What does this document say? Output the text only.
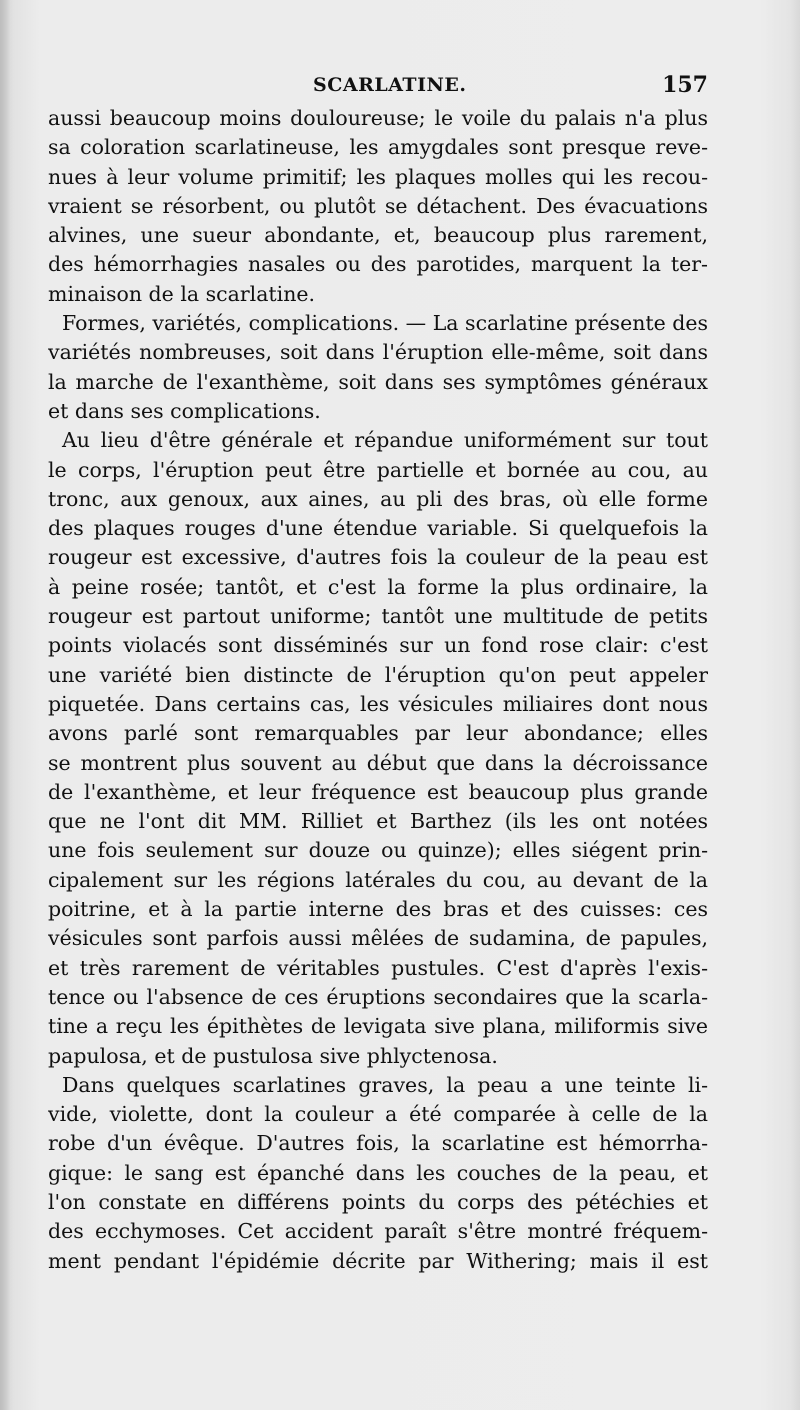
SCARLATINE.	157
aussi beaucoup moins douloureuse; le voile du palais n'a plus
sa coloration scarlatineuse, les amygdales sont presque reve-
nues à leur volume primitif; les plaques molles qui les recou-
vraient se résorbent, ou plutôt se détachent. Des évacuations
alvines, une sueur abondante, et, beaucoup plus rarement,
des hémorrhagies nasales ou des parotides, marquent la ter-
minaison de la scarlatine.
Formes, variétés, complications. — La scarlatine présente des
variétés nombreuses, soit dans l'éruption elle-même, soit dans
la marche de l'exanthème, soit dans ses symptômes généraux
et dans ses complications.
Au lieu d'être générale et répandue uniformément sur tout
le corps, l'éruption peut être partielle et bornée au cou, au
tronc, aux genoux, aux aines, au pli des bras, où elle forme
des plaques rouges d'une étendue variable. Si quelquefois la
rougeur est excessive, d'autres fois la couleur de la peau est
à peine rosée; tantôt, et c'est la forme la plus ordinaire, la
rougeur est partout uniforme; tantôt une multitude de petits
points violacés sont disséminés sur un fond rose clair: c'est
une variété bien distincte de l'éruption qu'on peut appeler
piquetée. Dans certains cas, les vésicules miliaires dont nous
avons parlé sont remarquables par leur abondance; elles
se montrent plus souvent au début que dans la décroissance
de l'exanthème, et leur fréquence est beaucoup plus grande
que ne l'ont dit MM. Rilliet et Barthez (ils les ont notées
une fois seulement sur douze ou quinze); elles siégent prin-
cipalement sur les régions latérales du cou, au devant de la
poitrine, et à la partie interne des bras et des cuisses: ces
vésicules sont parfois aussi mêlées de sudamina, de papules,
et très rarement de véritables pustules. C'est d'après l'exis-
tence ou l'absence de ces éruptions secondaires que la scarla-
tine a reçu les épithètes de levigata sive plana, miliformis sive
papulosa, et de pustulosa sive phlyctenosa.
Dans quelques scarlatines graves, la peau a une teinte li-
vide, violette, dont la couleur a été comparée à celle de la
robe d'un évêque. D'autres fois, la scarlatine est hémorrha-
gique: le sang est épanché dans les couches de la peau, et
l'on constate en différens points du corps des pétéchies et
des ecchymoses. Cet accident paraît s'être montré fréquem-
ment pendant l'épidémie décrite par Withering; mais il est
